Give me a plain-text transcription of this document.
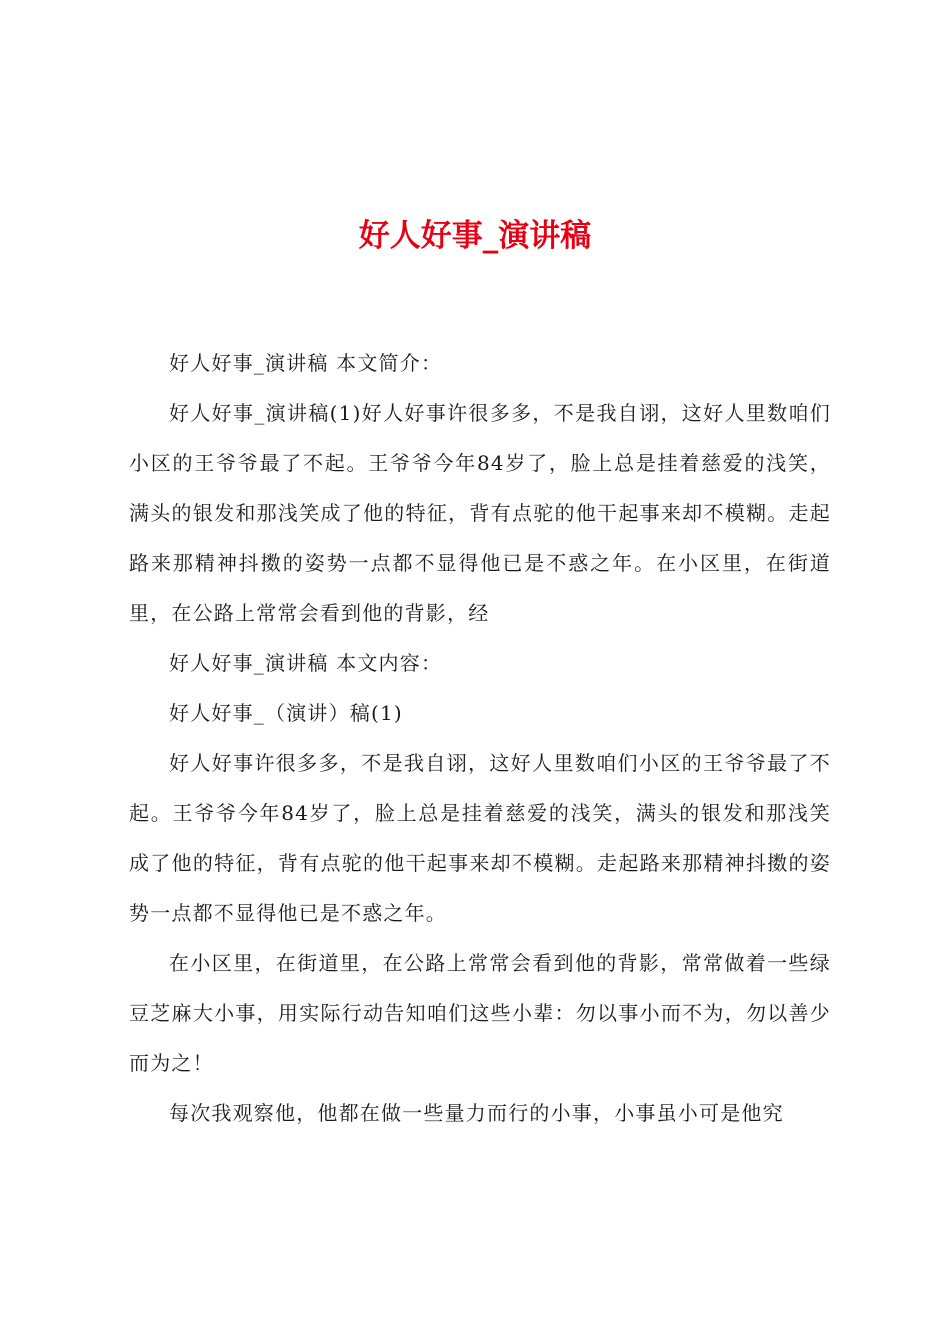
好人好事_演讲稿

好人好事_演讲稿 本文简介：

好人好事_演讲稿(1)好人好事许很多多，不是我自诩，这好人里数咱们小区的王爷爷最了不起。王爷爷今年84岁了，脸上总是挂着慈爱的浅笑，满头的银发和那浅笑成了他的特征，背有点驼的他干起事来却不模糊。走起路来那精神抖擞的姿势一点都不显得他已是不惑之年。在小区里，在街道里，在公路上常常会看到他的背影，经

好人好事_演讲稿 本文内容：

好人好事_（演讲）稿(1)

好人好事许很多多，不是我自诩，这好人里数咱们小区的王爷爷最了不起。王爷爷今年84岁了，脸上总是挂着慈爱的浅笑，满头的银发和那浅笑成了他的特征，背有点驼的他干起事来却不模糊。走起路来那精神抖擞的姿势一点都不显得他已是不惑之年。

在小区里，在街道里，在公路上常常会看到他的背影，常常做着一些绿豆芝麻大小事，用实际行动告知咱们这些小辈：勿以事小而不为，勿以善少而为之！

每次我观察他，他都在做一些量力而行的小事，小事虽小可是他究
